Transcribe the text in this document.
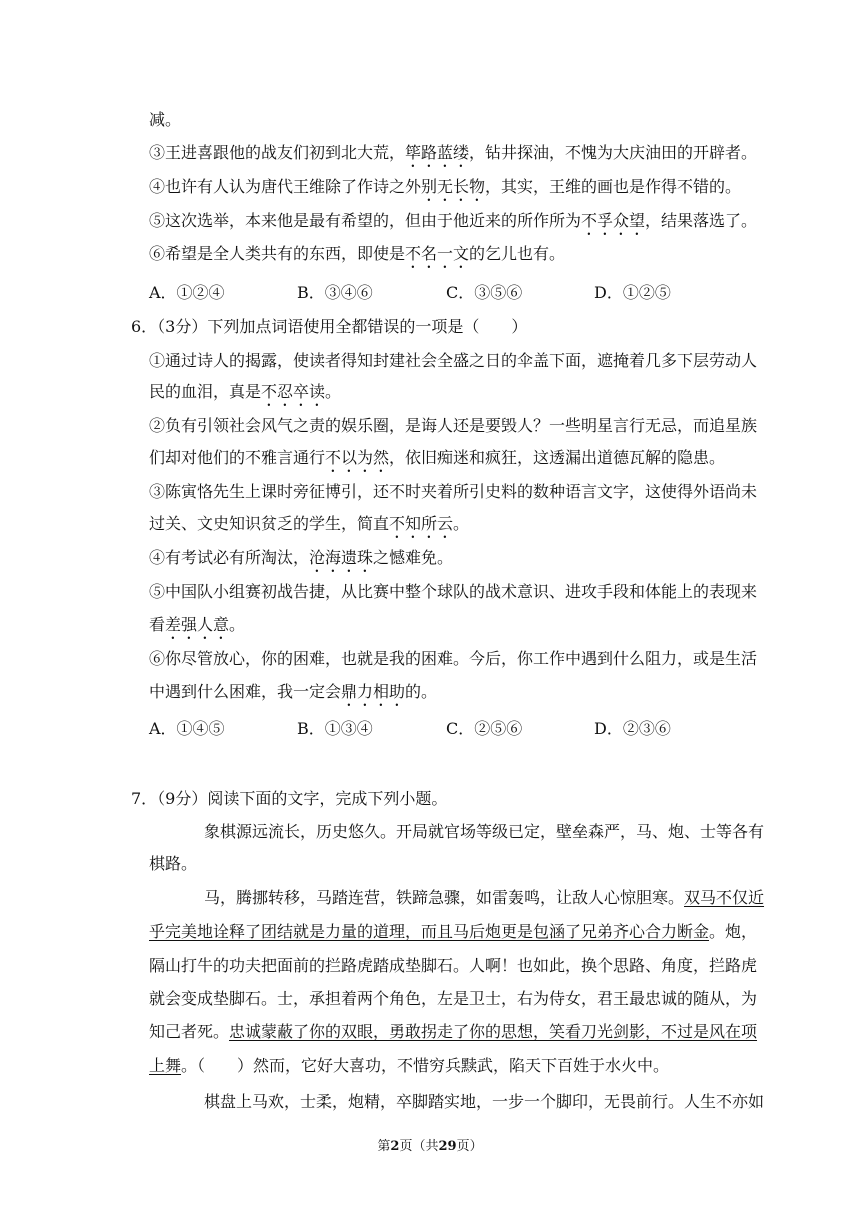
减。
③王进喜跟他的战友们初到北大荒，筚路蓝缕，钻井探油，不愧为大庆油田的开辟者。
④也许有人认为唐代王维除了作诗之外别无长物，其实，王维的画也是作得不错的。
⑤这次选举，本来他是最有希望的，但由于他近来的所作所为不孚众望，结果落选了。
⑥希望是全人类共有的东西，即使是不名一文的乞儿也有。
A．①②④	B．③④⑥	C．③⑤⑥	D．①②⑤
6．（3分）下列加点词语使用全都错误的一项是（　　）
①通过诗人的揭露，使读者得知封建社会全盛之日的伞盖下面，遮掩着几多下层劳动人
民的血泪，真是不忍卒读。
②负有引领社会风气之责的娱乐圈，是诲人还是要毁人？一些明星言行无忌，而追星族
们却对他们的不雅言通行不以为然，依旧痴迷和疯狂，这透漏出道德瓦解的隐患。
③陈寅恪先生上课时旁征博引，还不时夹着所引史料的数种语言文字，这使得外语尚未
过关、文史知识贫乏的学生，简直不知所云。
④有考试必有所淘汰，沧海遗珠之憾难免。
⑤中国队小组赛初战告捷，从比赛中整个球队的战术意识、进攻手段和体能上的表现来
看差强人意。
⑥你尽管放心，你的困难，也就是我的困难。今后，你工作中遇到什么阻力，或是生活
中遇到什么困难，我一定会鼎力相助的。
A．①④⑤	B．①③④	C．②⑤⑥	D．②③⑥
7．（9分）阅读下面的文字，完成下列小题。
象棋源远流长，历史悠久。开局就官场等级已定，壁垒森严，马、炮、士等各有
棋路。
马，腾挪转移，马踏连营，铁蹄急骤，如雷轰鸣，让敌人心惊胆寒。双马不仅近
乎完美地诠释了团结就是力量的道理，而且马后炮更是包涵了兄弟齐心合力断金。炮，
隔山打牛的功夫把面前的拦路虎踏成垫脚石。人啊！也如此，换个思路、角度，拦路虎
就会变成垫脚石。士，承担着两个角色，左是卫士，右为侍女，君王最忠诚的随从，为
知己者死。忠诚蒙蔽了你的双眼，勇敢拐走了你的思想，笑看刀光剑影，不过是风在项
上舞。（　　）然而，它好大喜功，不惜穷兵黩武，陷天下百姓于水火中。
棋盘上马欢，士柔，炮精，卒脚踏实地，一步一个脚印，无畏前行。人生不亦如
第2页（共29页）
